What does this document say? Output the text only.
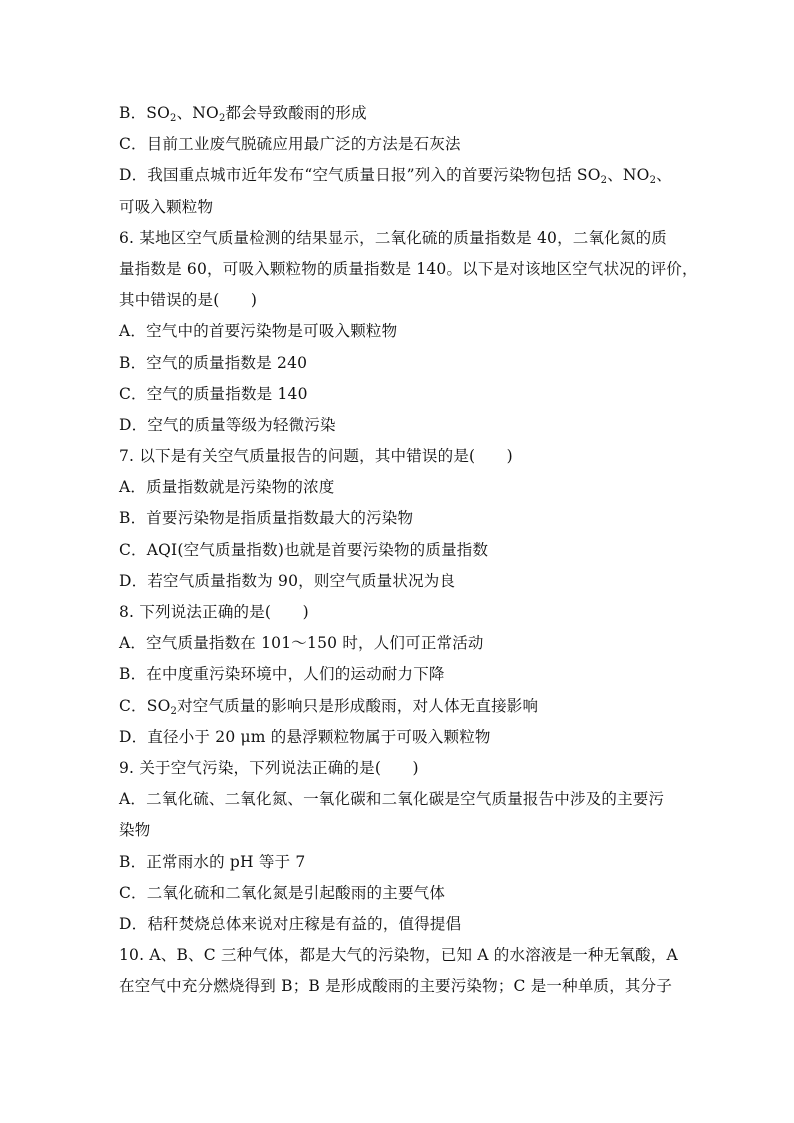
B．$SO_2$、$NO_2$都会导致酸雨的形成
C．目前工业废气脱硫应用最广泛的方法是石灰法
D．我国重点城市近年发布“空气质量日报”列入的首要污染物包括 $SO_2$、$NO_2$、
可吸入颗粒物
6. 某地区空气质量检测的结果显示，二氧化硫的质量指数是 40，二氧化氮的质
量指数是 60，可吸入颗粒物的质量指数是 140。以下是对该地区空气状况的评价，
其中错误的是(　　)
A．空气中的首要污染物是可吸入颗粒物
B．空气的质量指数是 240
C．空气的质量指数是 140
D．空气的质量等级为轻微污染
7. 以下是有关空气质量报告的问题，其中错误的是(　　)
A．质量指数就是污染物的浓度
B．首要污染物是指质量指数最大的污染物
C．AQI(空气质量指数)也就是首要污染物的质量指数
D．若空气质量指数为 90，则空气质量状况为良
8. 下列说法正确的是(　　)
A．空气质量指数在 101～150 时，人们可正常活动
B．在中度重污染环境中，人们的运动耐力下降
C．$SO_2$对空气质量的影响只是形成酸雨，对人体无直接影响
D．直径小于 20 μm 的悬浮颗粒物属于可吸入颗粒物
9. 关于空气污染，下列说法正确的是(　　)
A．二氧化硫、二氧化氮、一氧化碳和二氧化碳是空气质量报告中涉及的主要污
染物
B．正常雨水的 pH 等于 7
C．二氧化硫和二氧化氮是引起酸雨的主要气体
D．秸秆焚烧总体来说对庄稼是有益的，值得提倡
10. A、B、C 三种气体，都是大气的污染物，已知 A 的水溶液是一种无氧酸，A
在空气中充分燃烧得到 B；B 是形成酸雨的主要污染物；C 是一种单质，其分子
